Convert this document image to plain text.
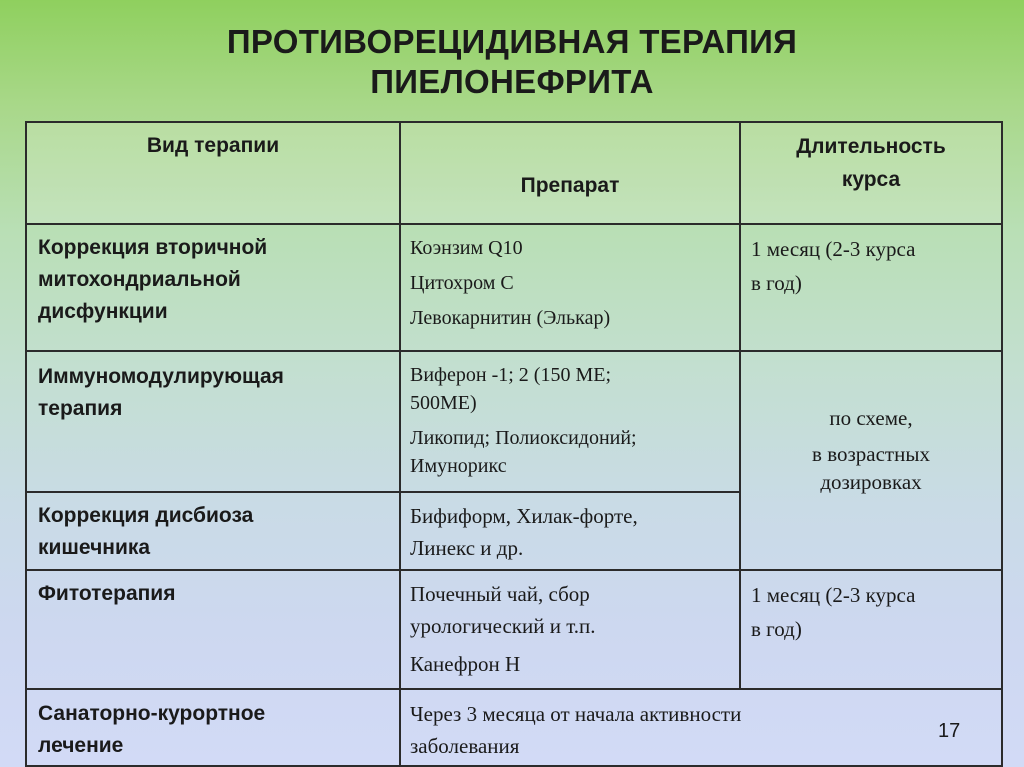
ПРОТИВОРЕЦИДИВНАЯ ТЕРАПИЯ
ПИЕЛОНЕФРИТА
Вид терапии
Препарат
Длительность
курса
Коррекция вторичной
митохондриальной
дисфункции
Коэнзим Q10
Цитохром С
Левокарнитин (Элькар)
1 месяц (2-3 курса
в год)
Иммуномодулирующая
терапия
Виферон -1; 2 (150 МЕ;
500МЕ)
Ликопид; Полиоксидоний;
Имунорикс
по схеме,
в возрастных
дозировках
Коррекция дисбиоза
кишечника
Бифиформ, Хилак-форте,
Линекс и др.
Фитотерапия	Почечный чай, сбор
урологический и т.п.
Канефрон Н
1 месяц (2-3 курса
в год)
Санаторно-курортное
лечение
Через 3 месяца от начала активности
заболевания
17
